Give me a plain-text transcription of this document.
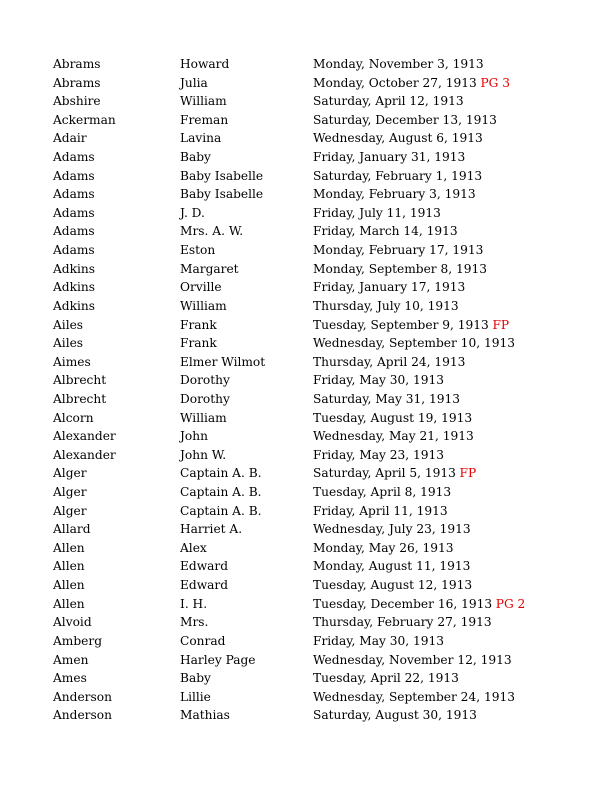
Abrams	Howard	Monday, November 3, 1913
Abrams	Julia	Monday, October 27, 1913 PG 3
Abshire	William	Saturday, April 12, 1913
Ackerman	Freman	Saturday, December 13, 1913
Adair	Lavina	Wednesday, August 6, 1913
Adams	Baby	Friday, January 31, 1913
Adams	Baby Isabelle	Saturday, February 1, 1913
Adams	Baby Isabelle	Monday, February 3, 1913
Adams	J. D.	Friday, July 11, 1913
Adams	Mrs. A. W.	Friday, March 14, 1913
Adams	Eston	Monday, February 17, 1913
Adkins	Margaret	Monday, September 8, 1913
Adkins	Orville	Friday, January 17, 1913
Adkins	William	Thursday, July 10, 1913
Ailes	Frank	Tuesday, September 9, 1913 FP
Ailes	Frank	Wednesday, September 10, 1913
Aimes	Elmer Wilmot	Thursday, April 24, 1913
Albrecht	Dorothy	Friday, May 30, 1913
Albrecht	Dorothy	Saturday, May 31, 1913
Alcorn	William	Tuesday, August 19, 1913
Alexander	John	Wednesday, May 21, 1913
Alexander	John W.	Friday, May 23, 1913
Alger	Captain A. B.	Saturday, April 5, 1913 FP
Alger	Captain A. B.	Tuesday, April 8, 1913
Alger	Captain A. B.	Friday, April 11, 1913
Allard	Harriet A.	Wednesday, July 23, 1913
Allen	Alex	Monday, May 26, 1913
Allen	Edward	Monday, August 11, 1913
Allen	Edward	Tuesday, August 12, 1913
Allen	I. H.	Tuesday, December 16, 1913 PG 2
Alvoid	Mrs.	Thursday, February 27, 1913
Amberg	Conrad	Friday, May 30, 1913
Amen	Harley Page	Wednesday, November 12, 1913
Ames	Baby	Tuesday, April 22, 1913
Anderson	Lillie	Wednesday, September 24, 1913
Anderson	Mathias	Saturday, August 30, 1913
